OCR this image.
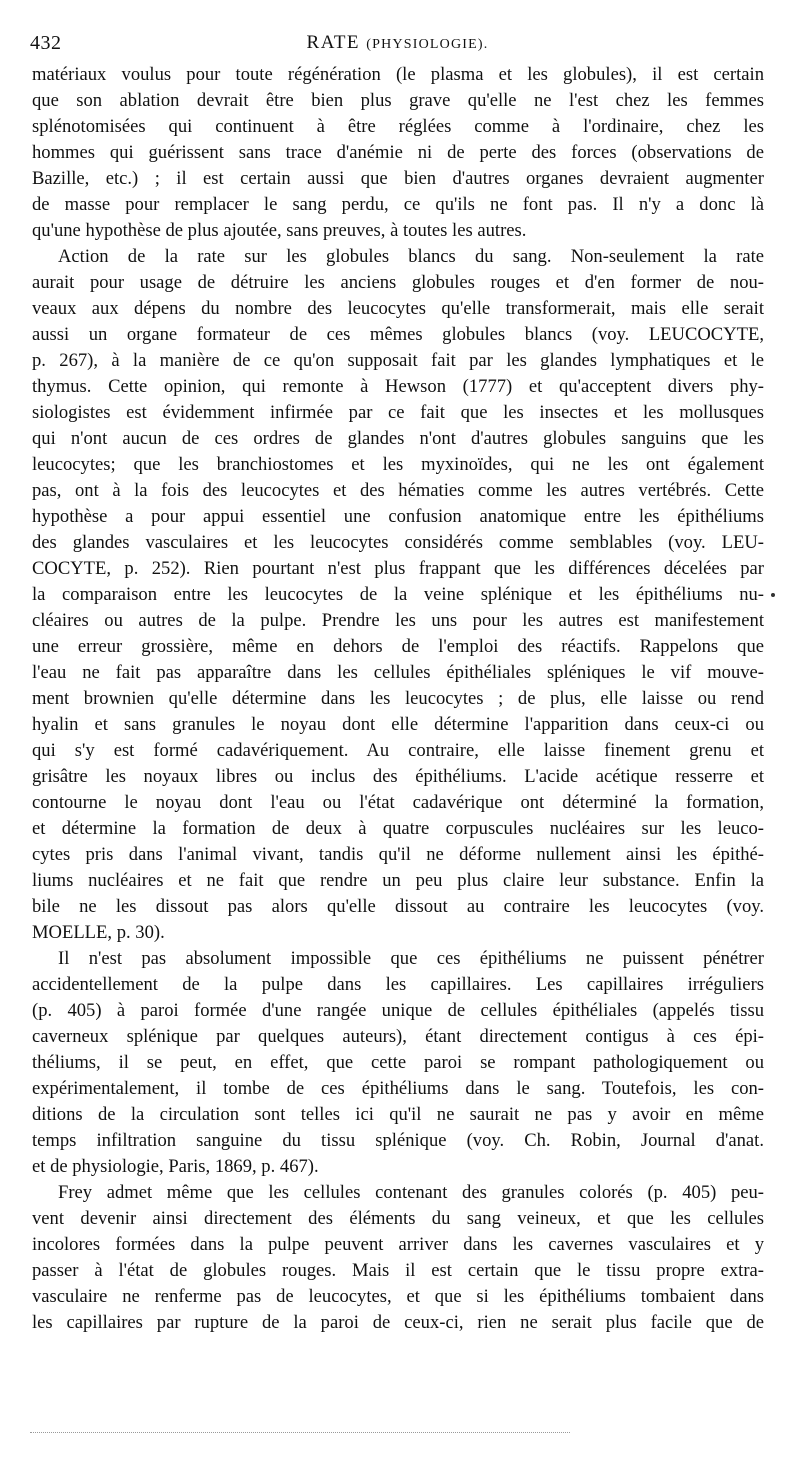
432	RATE (PHYSIOLOGIE).
matériaux voulus pour toute régénération (le plasma et les globules), il est certain
que son ablation devrait être bien plus grave qu'elle ne l'est chez les femmes
splénotomisées qui continuent à être réglées comme à l'ordinaire, chez les
hommes qui guérissent sans trace d'anémie ni de perte des forces (observations de
Bazille, etc.) ; il est certain aussi que bien d'autres organes devraient augmenter
de masse pour remplacer le sang perdu, ce qu'ils ne font pas. Il n'y a donc là
qu'une hypothèse de plus ajoutée, sans preuves, à toutes les autres.
Action de la rate sur les globules blancs du sang. Non-seulement la rate
aurait pour usage de détruire les anciens globules rouges et d'en former de nou-
veaux aux dépens du nombre des leucocytes qu'elle transformerait, mais elle serait
aussi un organe formateur de ces mêmes globules blancs (voy. LEUCOCYTE,
p. 267), à la manière de ce qu'on supposait fait par les glandes lymphatiques et le
thymus. Cette opinion, qui remonte à Hewson (1777) et qu'acceptent divers phy-
siologistes est évidemment infirmée par ce fait que les insectes et les mollusques
qui n'ont aucun de ces ordres de glandes n'ont d'autres globules sanguins que les
leucocytes; que les branchiostomes et les myxinoïdes, qui ne les ont également
pas, ont à la fois des leucocytes et des hématies comme les autres vertébrés. Cette
hypothèse a pour appui essentiel une confusion anatomique entre les épithéliums
des glandes vasculaires et les leucocytes considérés comme semblables (voy. LEU-
COCYTE, p. 252). Rien pourtant n'est plus frappant que les différences décelées par
la comparaison entre les leucocytes de la veine splénique et les épithéliums nu-
cléaires ou autres de la pulpe. Prendre les uns pour les autres est manifestement
une erreur grossière, même en dehors de l'emploi des réactifs. Rappelons que
l'eau ne fait pas apparaître dans les cellules épithéliales spléniques le vif mouve-
ment brownien qu'elle détermine dans les leucocytes ; de plus, elle laisse ou rend
hyalin et sans granules le noyau dont elle détermine l'apparition dans ceux-ci ou
qui s'y est formé cadavériquement. Au contraire, elle laisse finement grenu et
grisâtre les noyaux libres ou inclus des épithéliums. L'acide acétique resserre et
contourne le noyau dont l'eau ou l'état cadavérique ont déterminé la formation,
et détermine la formation de deux à quatre corpuscules nucléaires sur les leuco-
cytes pris dans l'animal vivant, tandis qu'il ne déforme nullement ainsi les épithé-
liums nucléaires et ne fait que rendre un peu plus claire leur substance. Enfin la
bile ne les dissout pas alors qu'elle dissout au contraire les leucocytes (voy.
MOELLE, p. 30).
Il n'est pas absolument impossible que ces épithéliums ne puissent pénétrer
accidentellement de la pulpe dans les capillaires. Les capillaires irréguliers
(p. 405) à paroi formée d'une rangée unique de cellules épithéliales (appelés tissu
caverneux splénique par quelques auteurs), étant directement contigus à ces épi-
théliums, il se peut, en effet, que cette paroi se rompant pathologiquement ou
expérimentalement, il tombe de ces épithéliums dans le sang. Toutefois, les con-
ditions de la circulation sont telles ici qu'il ne saurait ne pas y avoir en même
temps infiltration sanguine du tissu splénique (voy. Ch. Robin, Journal d'anat.
et de physiologie, Paris, 1869, p. 467).
Frey admet même que les cellules contenant des granules colorés (p. 405) peu-
vent devenir ainsi directement des éléments du sang veineux, et que les cellules
incolores formées dans la pulpe peuvent arriver dans les cavernes vasculaires et y
passer à l'état de globules rouges. Mais il est certain que le tissu propre extra-
vasculaire ne renferme pas de leucocytes, et que si les épithéliums tombaient dans
les capillaires par rupture de la paroi de ceux-ci, rien ne serait plus facile que de
